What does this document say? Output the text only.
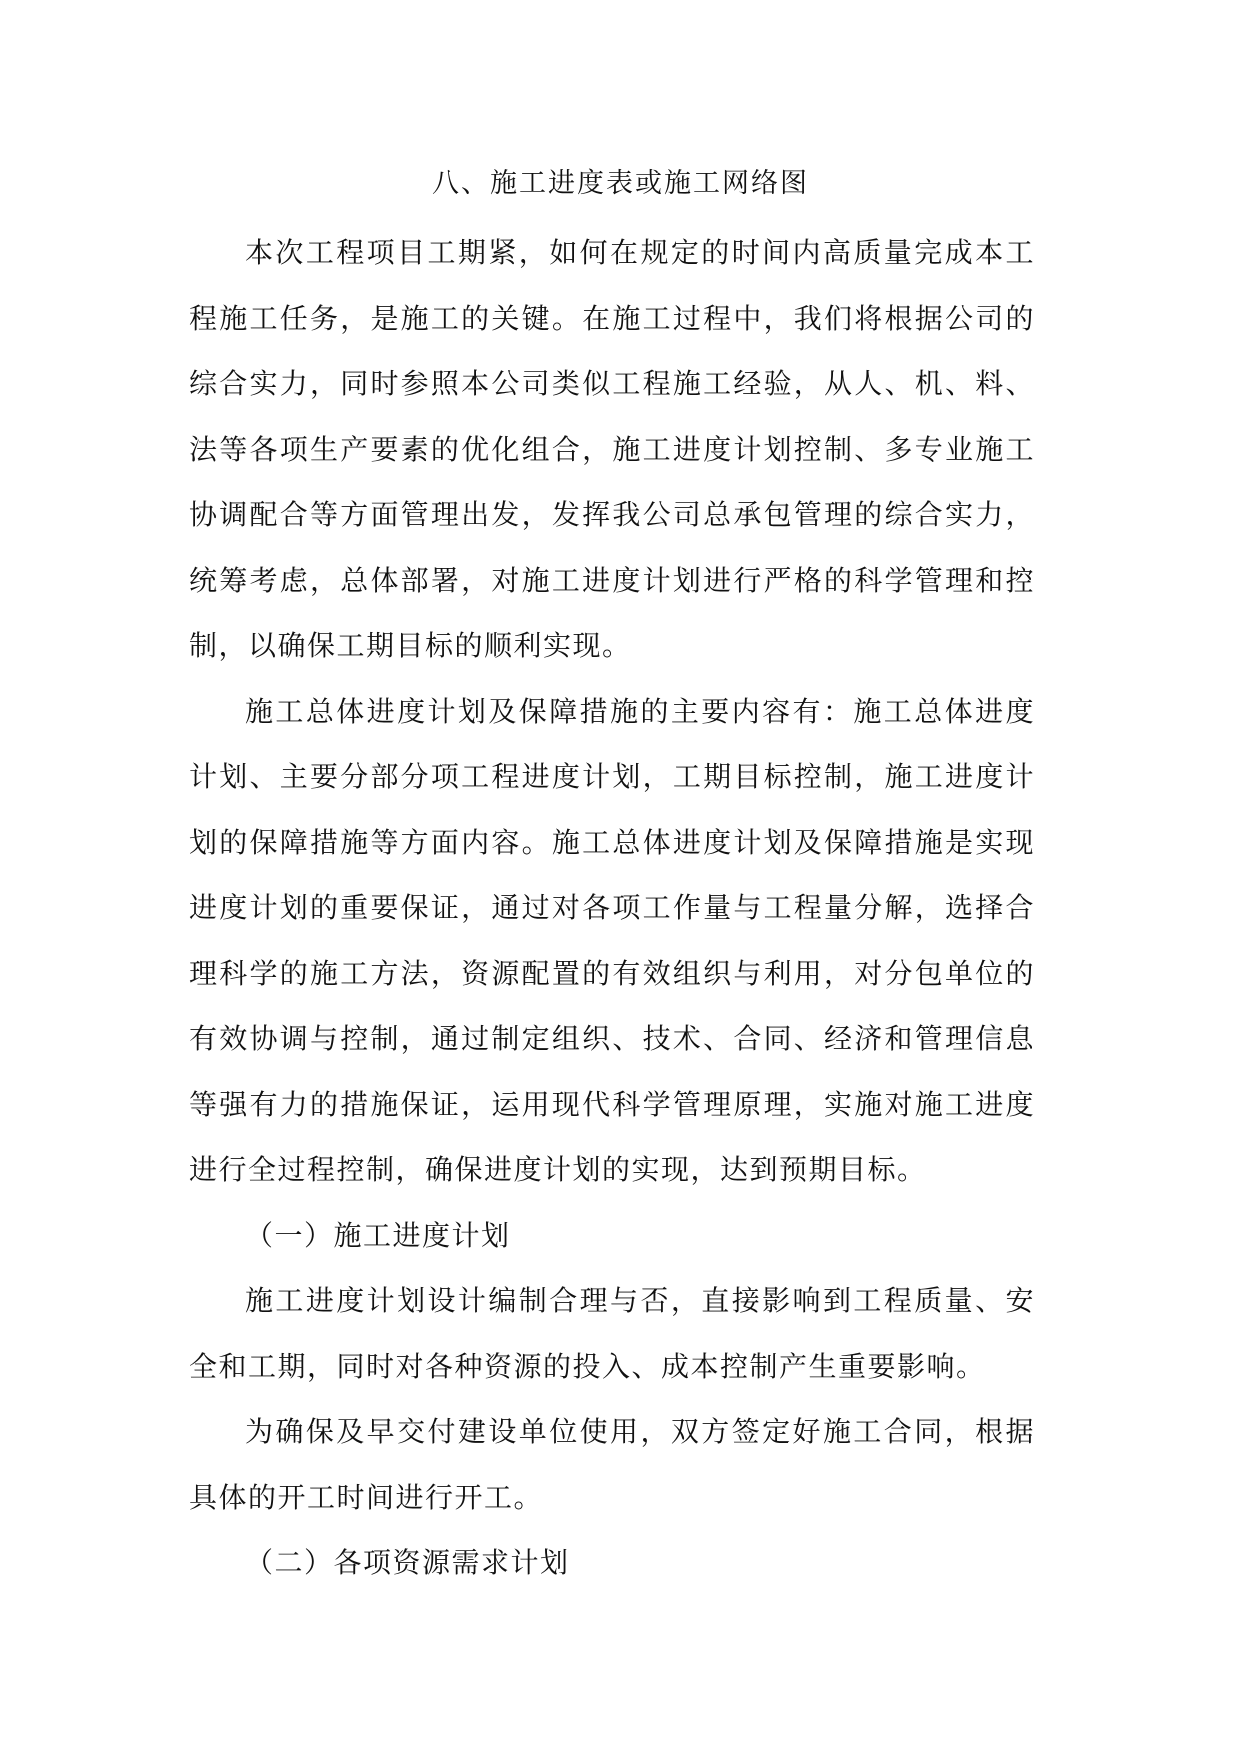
八、施工进度表或施工网络图

本次工程项目工期紧，如何在规定的时间内高质量完成本工程施工任务，是施工的关键。在施工过程中，我们将根据公司的综合实力，同时参照本公司类似工程施工经验，从人、机、料、法等各项生产要素的优化组合，施工进度计划控制、多专业施工协调配合等方面管理出发，发挥我公司总承包管理的综合实力，统筹考虑，总体部署，对施工进度计划进行严格的科学管理和控制，以确保工期目标的顺利实现。

施工总体进度计划及保障措施的主要内容有：施工总体进度计划、主要分部分项工程进度计划，工期目标控制，施工进度计划的保障措施等方面内容。施工总体进度计划及保障措施是实现进度计划的重要保证，通过对各项工作量与工程量分解，选择合理科学的施工方法，资源配置的有效组织与利用，对分包单位的有效协调与控制，通过制定组织、技术、合同、经济和管理信息等强有力的措施保证，运用现代科学管理原理，实施对施工进度进行全过程控制，确保进度计划的实现，达到预期目标。

（一）施工进度计划

施工进度计划设计编制合理与否，直接影响到工程质量、安全和工期，同时对各种资源的投入、成本控制产生重要影响。

为确保及早交付建设单位使用，双方签定好施工合同，根据具体的开工时间进行开工。

（二）各项资源需求计划
